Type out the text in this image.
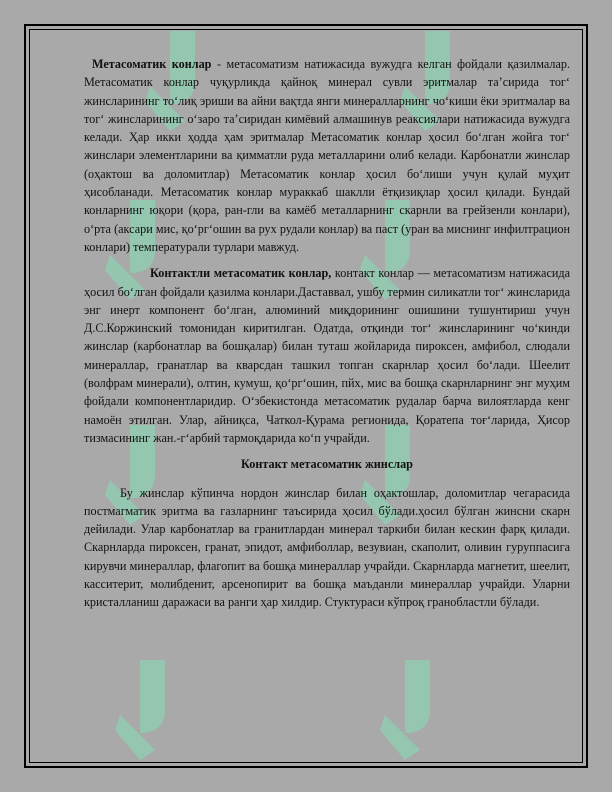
Метасоматик конлар - метасоматизм натижасида вужудга келган фойдали қазилмалар. Метасоматик конлар чуқурликда қайноқ минерал сувли эритмалар та’сирида тог‘ жинсларининг то‘лиқ эриши ва айни вақтда янги минералларнинг чо‘киши ёки эритмалар ва тог‘ жинсларининг о‘заро та’сиридан кимёвий алмашинув реаксиялари натижасида вужудга келади. Ҳар икки ҳодда ҳам эритмалар Метасоматик конлар ҳосил бо‘лган жойга тог‘ жинслари элементларини ва қимматли руда металларини олиб келади. Карбонатли жинслар (оҳактош ва доломитлар) Метасоматик конлар ҳосил бо‘лиши учун қулай муҳит ҳисобланади. Метасоматик конлар мураккаб шаклли ётқизиқлар ҳосил қилади. Бундай конларнинг юқори (қора, ран-гли ва камёб металларнинг скарнли ва грейзенли конлари), о‘рта (аксари мис, қо‘рг‘ошин ва рух рудали конлар) ва паст (уран ва миснинг инфилтрацион конлари) температурали турлари мавжуд.

Контактли метасоматик конлар, контакт конлар — метасоматизм натижасида ҳосил бо‘лган фойдали қазилма конлари.Даставвал, ушбу термин силикатли тог‘ жинсларида энг инерт компонент бо‘лган, алюминий миқдорининг ошишини тушунтириш учун Д.С.Коржинский томонидан киритилган. Одатда, отқинди тог‘ жинсларининг чо‘кинди жинслар (карбонатлар ва бошқалар) билан туташ жойларида пироксен, амфибол, слюдали минераллар, гранатлар ва кварсдан ташкил топган скарнлар ҳосил бо‘лади. Шеелит (волфрам минерали), олтин, кумуш, қо‘рг‘ошин, пйх, мис ва бошқа скарнларнинг энг муҳим фойдали компонентларидир. О‘збекистонда метасоматик рудалар барча вилоятларда кенг намоён этилган. Улар, айниқса, Чаткол-Қурама регионида, Қоратепа тоғ‘ларида, Ҳисор тизмасининг жан.-г‘арбий тармоқдарида ко‘п учрайди.

Контакт метасоматик жинслар

Бу жинслар кўпинча нордон жинслар билан оҳактошлар, доломитлар чегарасида постмагматик эритма ва газларнинг таъсирида ҳосил бўлади.ҳосил бўлган жинсни скарн дейилади. Улар карбонатлар ва гранитлардан минерал таркиби билан кескин фарқ қилади. Скарнларда пироксен, гранат, эпидот, амфиболлар, везувиан, скаполит, оливин гуруппасига кирувчи минераллар, флагопит ва бошқа минераллар учрайди. Скарнларда магнетит, шеелит, касситерит, молибденит, арсенопирит ва бошқа маъданли минераллар учрайди. Уларни кристалланиш даражаси ва ранги ҳар хилдир. Стуктураси кўпроқ гранобластли бўлади.
